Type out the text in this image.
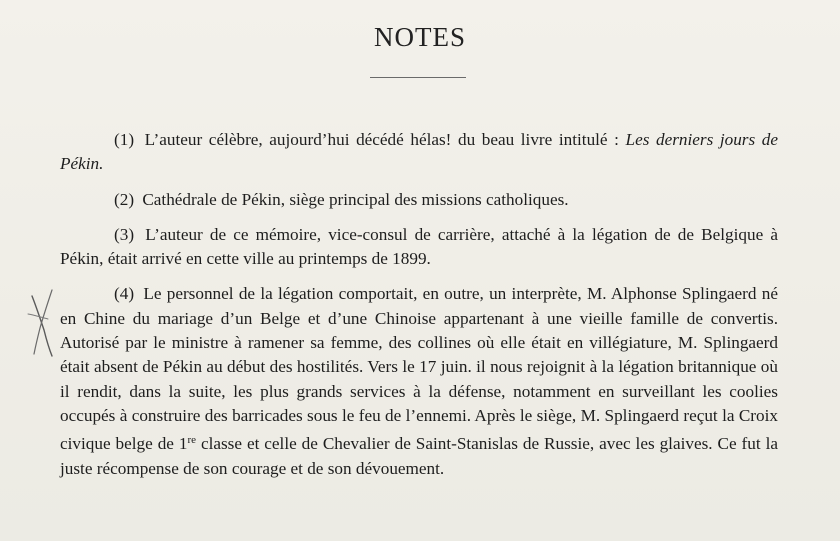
NOTES

(1) L’auteur célèbre, aujourd’hui décédé hélas! du beau livre intitulé : Les derniers jours de Pékin.

(2) Cathédrale de Pékin, siège principal des missions catholiques.

(3) L’auteur de ce mémoire, vice-consul de carrière, attaché à la légation de de Belgique à Pékin, était arrivé en cette ville au printemps de 1899.

(4) Le personnel de la légation comportait, en outre, un interprète, M. Alphonse Splingaerd né en Chine du mariage d’un Belge et d’une Chinoise appartenant à une vieille famille de convertis. Autorisé par le ministre à ramener sa femme, des collines où elle était en villégiature, M. Splingaerd était absent de Pékin au début des hostilités. Vers le 17 juin. il nous rejoignit à la légation britannique où il rendit, dans la suite, les plus grands services à la défense, notamment en surveillant les coolies occupés à construire des barricades sous le feu de l’ennemi. Après le siège, M. Splingaerd reçut la Croix civique belge de 1re classe et celle de Chevalier de Saint-Stanislas de Russie, avec les glaives. Ce fut la juste récompense de son courage et de son dévouement.
